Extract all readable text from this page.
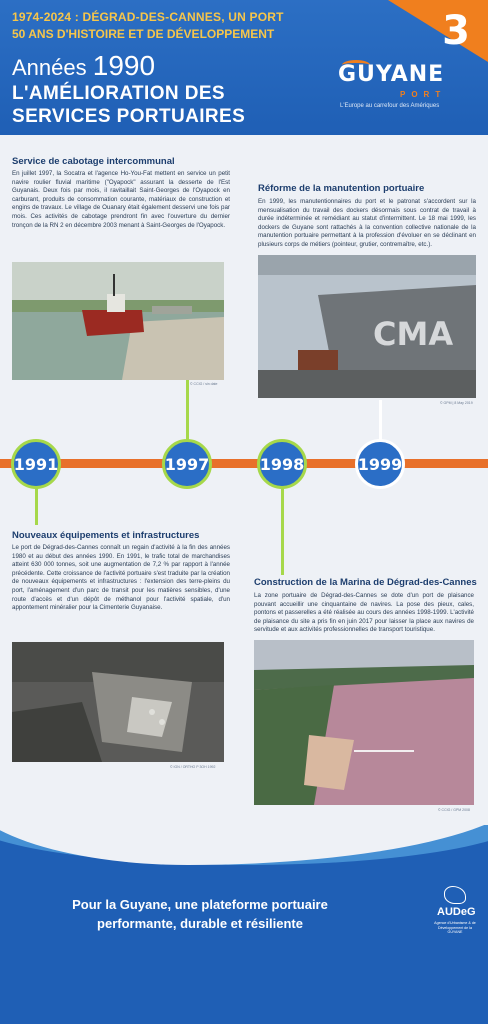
1974-2024 : DÉGRAD-DES-CANNES, UN PORT
50 ANS D'HISTOIRE ET DE DÉVELOPPEMENT
Années 1990
L'AMÉLIORATION DES
SERVICES PORTUAIRES
GUYANE
PORT
L'Europe au carrefour des Amériques
3
Service de cabotage intercommunal
En juillet 1997, la Socatra et l'agence Ho-You-Fat mettent en service un petit navire roulier fluvial maritime ("Oyapock" assurant la desserte de l'Est Guyanais. Deux fois par mois, il ravitaillait Saint-Georges de l'Oyapock en carburant, produits de consommation courante, matériaux de construction et engins de travaux. Le village de Ouanary était également desservi une fois par mois. Ces activités de cabotage prendront fin avec l'ouverture du dernier tronçon de la RN 2 en décembre 2003 menant à Saint-Georges de l'Oyapock.
© CCIG / sin date
Réforme de la manutention portuaire
En 1999, les manutentionnaires du port et le patronat s'accordent sur la mensualisation du travail des dockers désormais sous contrat de travail à durée indéterminée et remédiant au statut d'intermittent. Le 18 mai 1999, les dockers de Guyane sont rattachés à la convention collective nationale de la manutention portuaire permettant à la profession d'évoluer en se déclinant en plusieurs corps de métiers (pointeur, grutier, contremaître, etc.).
CMA
© GPM | 8 May 2019
1991	1997	1998	1999
Nouveaux équipements et infrastructures
Le port de Dégrad-des-Cannes connaît un regain d'activité à la fin des années 1980 et au début des années 1990. En 1991, le trafic total de marchandises atteint 630 000 tonnes, soit une augmentation de 7,2 % par rapport à l'année précédente. Cette croissance de l'activité portuaire s'est traduite par la création de nouveaux équipements et infrastructures : l'extension des terre-pleins du port, l'aménagement d'un parc de transit pour les matières sensibles, d'une route d'accès et d'un dépôt de méthanol pour l'activité spatiale, d'un appontement minéralier pour la Cimenterie Guyanaise.
© IGN / ORTHO P 3OH 1992
Construction de la Marina de Dégrad-des-Cannes
La zone portuaire de Dégrad-des-Cannes se dote d'un port de plaisance pouvant accueillir une cinquantaine de navires. La pose des pieux, cales, pontons et passerelles a été réalisée au cours des années 1998-1999. L'activité de plaisance du site a pris fin en juin 2017 pour laisser la place aux navires de servitude et aux activités professionnelles de transport touristique.
© CCIG / GPM 2008
Pour la Guyane, une plateforme portuaire
performante, durable et résiliente
AUDeG
Agence d'Urbanisme & de Développement de la GUYANE
